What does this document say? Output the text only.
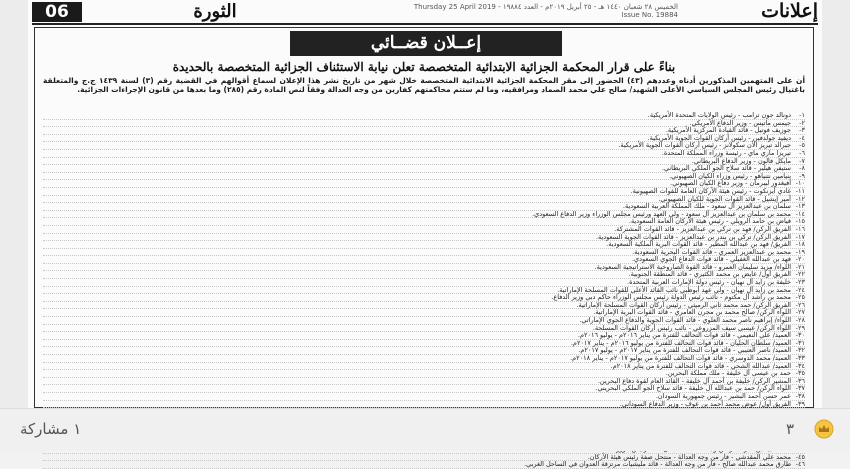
06	الثورة	الخميس ٢٨ شعبان ١٤٤٠ هـ - ٢٥ أبريل ٢٠١٩م - العدد ١٩٨٨٤ Thursday 25 April 2019 - Issue No. 19884	إعلانات
إعــلان قضــائي
بناءً على قرار المحكمة الجزائية الابتدائية المتخصصة تعلن نيابة الاستئناف الجزائية المتخصصة بالحديدة
أن على المتهمين المذكورين أدناه وعددهم (٤٣) الحضور إلى مقر المحكمة الجزائية الابتدائية المتخصصة خلال شهر من تاريخ نشر هذا الإعلان لسماع أقوالهم في القضية رقم (٣) لسنة ١٤٣٩ ج.ج والمتعلقة باغتيال رئيس المجلس السياسي الأعلى الشهيد/ صالح علي محمد الصماد ومرافقيه، وما لم ستتم محاكمتهم كفارين من وجه العدالة وفقاً لنص المادة رقم (٢٨٥) وما بعدها من قانون الإجراءات الجزائية.
١-دونالد جون ترامب - رئيس الولايات المتحدة الأمريكية.
٢-جيمس ماتيس - وزير الدفاع الأمريكي.
٣-جوزيف فوتيل - قائد القيادة المركزية الأمريكية.
٤-ديفيد جولدفين - رئيس أركان القوات الجوية الأمريكية.
٥-جيرالد تيريز الأن سكولانز - رئيس أركان القوات الجوية الأمريكية.
٦-تيريزا ماري ماي - رئيسة وزراء المملكة المتحدة.
٧-مايكل فالون - وزير الدفاع البريطاني.
٨-ستيفن هيلير - قائد سلاح الجو الملكي البريطاني.
٩-بنيامين نتنياهو - رئيس وزراء الكيان الصهيوني.
١٠-أفيغدور ليبرمان - وزير دفاع الكيان الصهيوني.
١١-غادي آيزنكوت - رئيس هيئة الأركان العامة للقوات الصهيونية.
١٢-أمير إيشيل - قائد القوات الجوية للكيان الصهيوني.
١٣-سلمان بن عبدالعزيز آل سعود - ملك المملكة العربية السعودية.
١٤-محمد بن سلمان بن عبدالعزيز آل سعود - ولي العهد ورئيس مجلس الوزراء وزير الدفاع السعودي.
١٥-فياض بن حامد الرويلي - رئيس هيئة الأركان العامة السعودية.
١٦-الفريق الركن/ فهد بن تركي بن عبدالعزيز - قائد القوات المشتركة.
١٧-الفريق الركن/ تركي بن بندر بن عبدالعزيز - قائد القوات الجوية السعودية.
١٨-الفريق/ فهد بن عبدالله المطير - قائد القوات البرية الملكية السعودية.
١٩-محمد بن عبدالعزيز العمري - قائد القوات البحرية السعودية.
٢٠-فهد بن عبدالله الغفيلي - قائد قوات الدفاع الجوي السعودي.
٢١-اللواء/ مزيد سليمان العمرو - قائد القوة الصاروخية الاستراتيجية السعودية.
٢٢-الفريق أول/ عايض بن محمد الكثيري - قائد المنطقة الجنوبية.
٢٣-خليفة بن زايد آل نهيان - رئيس دولة الإمارات العربية المتحدة.
٢٤-محمد بن زايد آل نهيان - ولي عهد أبوظبي نائب القائد الأعلى للقوات المسلحة الإماراتية.
٢٥-محمد بن راشد آل مكتوم - نائب رئيس الدولة رئيس مجلس الوزراء حاكم دبي وزير الدفاع.
٢٦-الفريق الركن/ حمد محمد ثاني الرميثي - رئيس أركان القوات المسلحة الإماراتية.
٢٧-اللواء الركن/ صالح محمد بن مجرن العامري - قائد القوات البرية الإماراتية.
٢٨-اللواء/ إبراهيم ناصر محمد العلوي - قائد القوات الجوية والدفاع الجوي الإماراتي.
٢٩-اللواء الركن/ عيسى سيف المزروعي - نائب رئيس أركان القوات المسلحة.
٣٠-العميد/ علي النعيمي - قائد قوات التحالف للفترة من يناير ٢٠١٦م - يوليو ٢٠١٦م.
٣١-العميد/ سلطان الحليان - قائد قوات التحالف للفترة من يوليو ٢٠١٦م - يناير ٢٠١٧م.
٣٢-العميد/ ناصر العتيبي - قائد قوات التحالف للفترة من يناير ٢٠١٧م - يوليو ٢٠١٧م.
٣٣-العميد/ محمد الدوسري - قائد قوات التحالف للفترة من يوليو ٢٠١٧م - يناير ٢٠١٨م.
٣٤-العميد/ عبدالله الشحي - قائد قوات التحالف للفترة من يناير ٢٠١٨م.
٣٥-حمد بن عيسى آل خليفة - ملك مملكة البحرين.
٣٦-المشير الركن/ خليفة بن أحمد آل خليفة - القائد العام لقوة دفاع البحرين.
٣٧-اللواء الركن/ حمد بن عبدالله آل خليفة - قائد سلاح الجو الملكي البحريني.
٣٨-عمر حسن أحمد البشير - رئيس جمهورية السودان.
٣٩-الفريق أول/ عوض محمد أحمد بن عوف - وزير الدفاع السوداني.
٤٥-محمد علي المقدشي - فار من وجه العدالة - منتحل صفة رئيس هيئة الأركان.
٤٦-طارق محمد عبدالله صالح - فار من وجه العدالة - قائد مليشيات مرتزقة العدوان في الساحل الغربي.
١ مشاركة	٣
